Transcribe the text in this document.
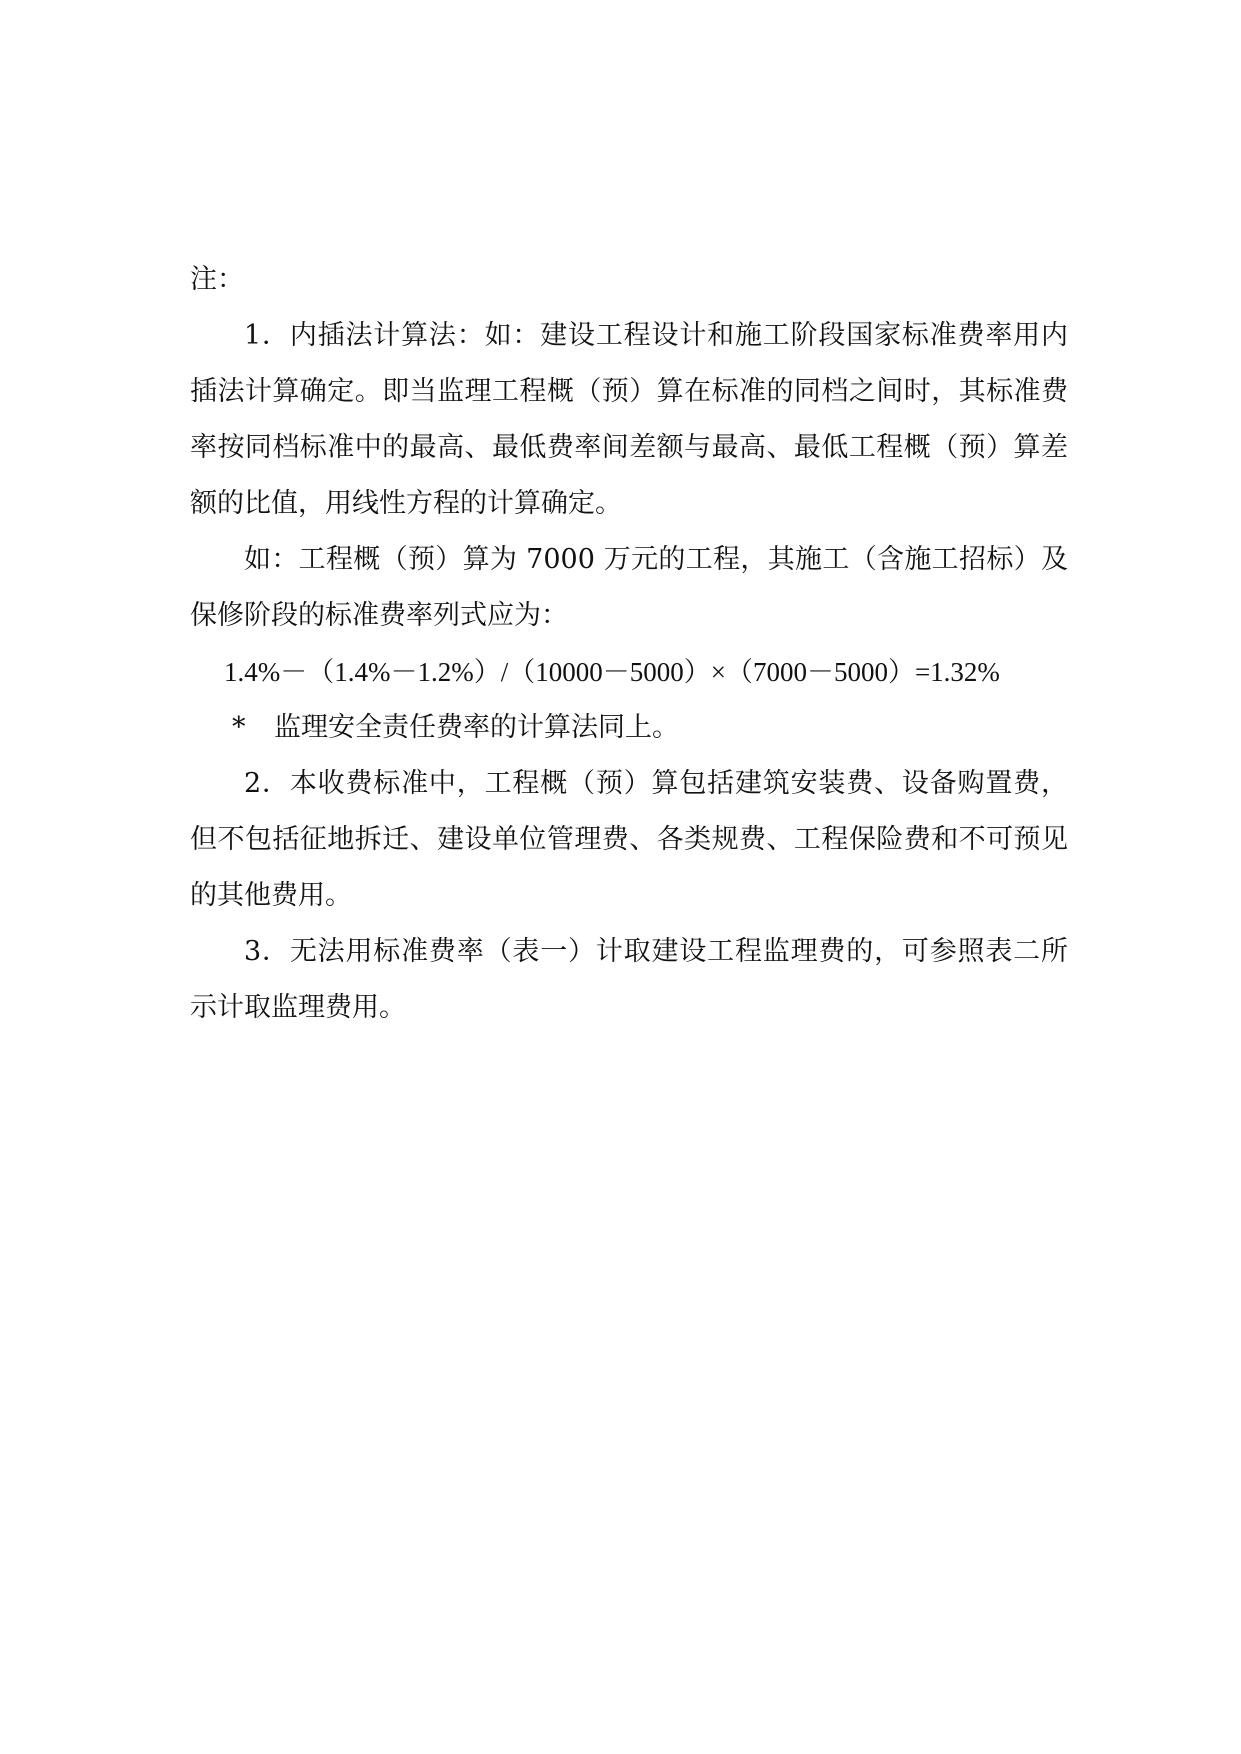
注：
1．内插法计算法：如：建设工程设计和施工阶段国家标准费率用内插法计算确定。即当监理工程概（预）算在标准的同档之间时，其标准费率按同档标准中的最高、最低费率间差额与最高、最低工程概（预）算差额的比值，用线性方程的计算确定。
如：工程概（预）算为 7000 万元的工程，其施工（含施工招标）及保修阶段的标准费率列式应为：
1.4%－（1.4%－1.2%）/（10000－5000）×（7000－5000）=1.32%
* 监理安全责任费率的计算法同上。
2．本收费标准中，工程概（预）算包括建筑安装费、设备购置费，但不包括征地拆迁、建设单位管理费、各类规费、工程保险费和不可预见的其他费用。
3．无法用标准费率（表一）计取建设工程监理费的，可参照表二所示计取监理费用。
